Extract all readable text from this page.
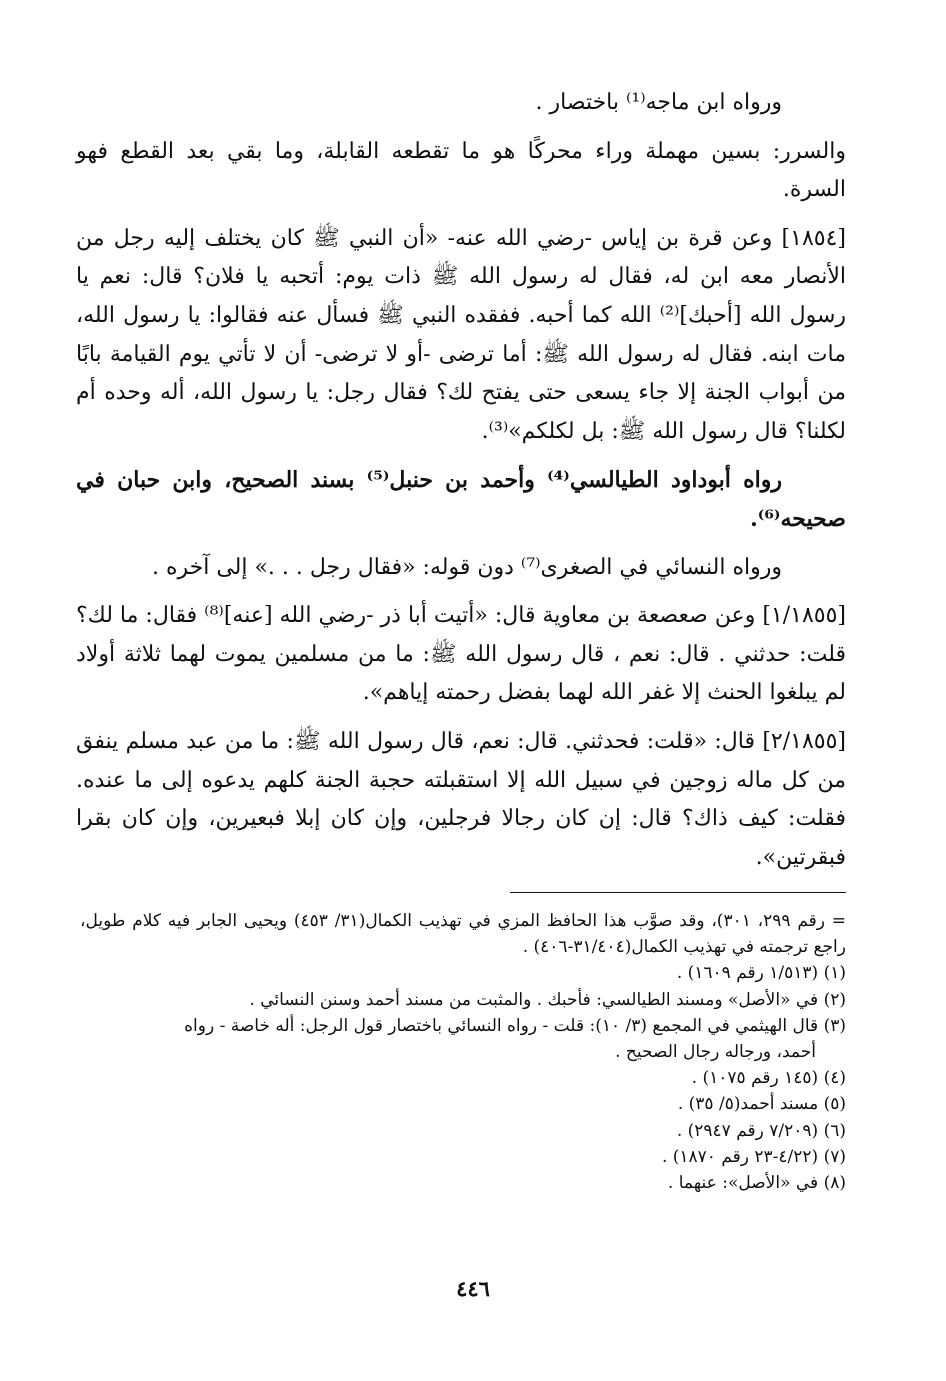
ورواه ابن ماجه⁽¹⁾ باختصار .

والسرر: بسين مهملة وراء محركًا هو ما تقطعه القابلة، وما بقي بعد القطع فهو السرة.

[١٨٥٤] وعن قرة بن إياس -رضي الله عنه- «أن النبي ﷺ كان يختلف إليه رجل من الأنصار معه ابن له، فقال له رسول الله ﷺ ذات يوم: أتحبه يا فلان؟ قال: نعم يا رسول الله [أحبك]⁽²⁾ الله كما أحبه. ففقده النبي ﷺ فسأل عنه فقالوا: يا رسول الله، مات ابنه. فقال له رسول الله ﷺ: أما ترضى -أو لا ترضى- أن لا تأتي يوم القيامة بابًا من أبواب الجنة إلا جاء يسعى حتى يفتح لك؟ فقال رجل: يا رسول الله، أله وحده أم لكلنا؟ قال رسول الله ﷺ: بل لكلكم»⁽³⁾.

رواه أبوداود الطيالسي⁽⁴⁾ وأحمد بن حنبل⁽⁵⁾ بسند الصحيح، وابن حبان في صحيحه⁽⁶⁾.

ورواه النسائي في الصغرى⁽⁷⁾ دون قوله: «فقال رجل . . .» إلى آخره .

[١/١٨٥٥] وعن صعصعة بن معاوية قال: «أتيت أبا ذر -رضي الله [عنه]⁽⁸⁾ فقال: ما لك؟ قلت: حدثني . قال: نعم ، قال رسول الله ﷺ: ما من مسلمين يموت لهما ثلاثة أولاد لم يبلغوا الحنث إلا غفر الله لهما بفضل رحمته إياهم».

[٢/١٨٥٥] قال: «قلت: فحدثني. قال: نعم، قال رسول الله ﷺ: ما من عبد مسلم ينفق من كل ماله زوجين في سبيل الله إلا استقبلته حجبة الجنة كلهم يدعوه إلى ما عنده. فقلت: كيف ذاك؟ قال: إن كان رجالا فرجلين، وإن كان إبلا فبعيرين، وإن كان بقرا فبقرتين».

= رقم ٢٩٩، ٣٠١)، وقد صوَّب هذا الحافظ المزي في تهذيب الكمال(٣١/ ٤٥٣) ويحيى الجابر فيه كلام طويل، راجع ترجمته في تهذيب الكمال(٣١/٤٠٤-٤٠٦) .

(١) (١/٥١٣ رقم ١٦٠٩) .

(٢) في «الأصل» ومسند الطيالسي: فأحبك . والمثبت من مسند أحمد وسنن النسائي .

(٣) قال الهيثمي في المجمع (٣/ ١٠): قلت - رواه النسائي باختصار قول الرجل: أله خاصة - رواه

أحمد، ورجاله رجال الصحيح .

(٤) (١٤٥ رقم ١٠٧٥) .

(٥) مسند أحمد(٥/ ٣٥) .

(٦) (٧/٢٠٩ رقم ٢٩٤٧) .

(٧) (٤/٢٢-٢٣ رقم ١٨٧٠) .

(٨) في «الأصل»: عنهما .

٤٤٦
